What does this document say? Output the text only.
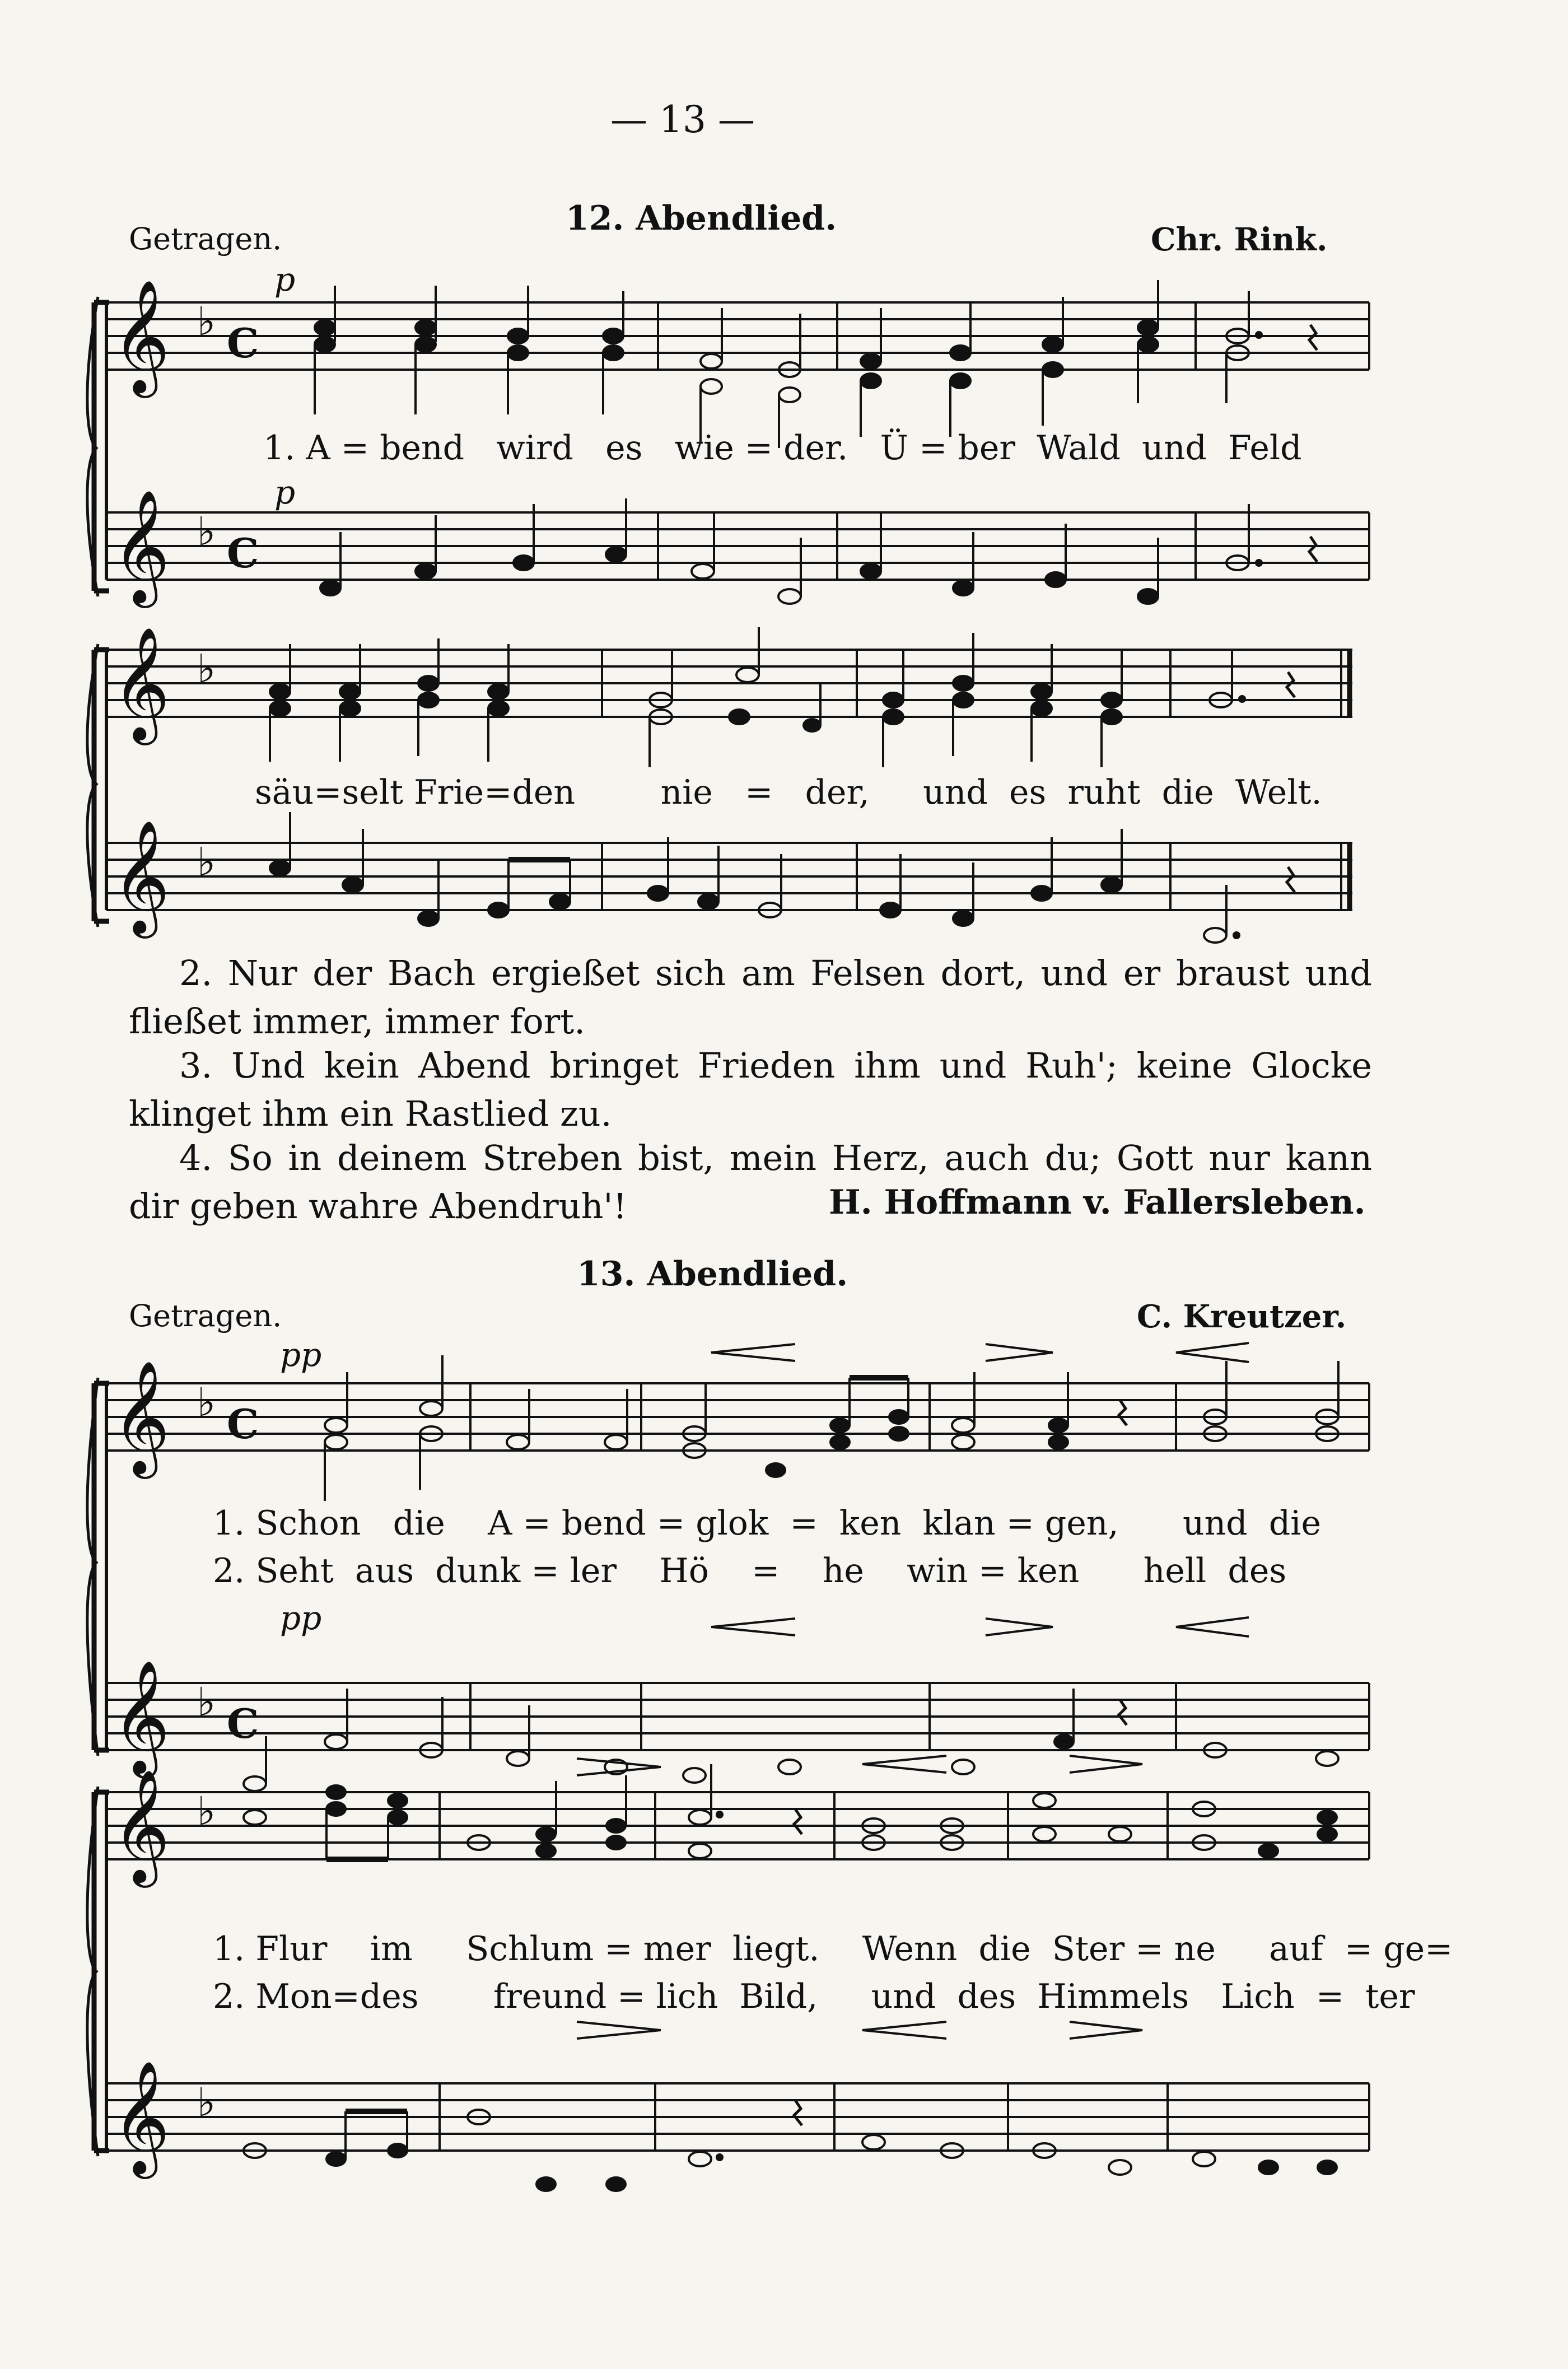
— 13 —
Getragen.
12. Abendlied.
Chr. Rink.
p
p
𝄞
𝄞
♭
♭
C
C
1. A = bend wird es wie = der. Ü = ber Wald und Feld
𝄞
𝄞
♭
♭
säu=selt Frie=den	nie = der, und es ruht die Welt.
2. Nur der Bach ergießet sich am Felsen dort, und er braust und fließet immer, immer fort.
3. Und kein Abend bringet Frieden ihm und Ruh'; keine Glocke klinget ihm ein Rastlied zu.
4. So in deinem Streben bist, mein Herz, auch du; Gott nur kann dir geben wahre Abendruh'!	H. Hoffmann v. Fallersleben.
13. Abendlied.
Getragen.	C. Kreutzer.
pp
pp
𝄞
𝄞
♭
♭
C
C
1. Schon die A = bend = glok = ken klan = gen, und die
2. Seht aus dunk = ler Hö = he win = ken hell des
𝄞
𝄞
♭
♭
1. Flur im Schlum = mer liegt. Wenn die Ster = ne auf = ge=
2. Mon=des freund = lich Bild, und des Himmels Lich = ter
